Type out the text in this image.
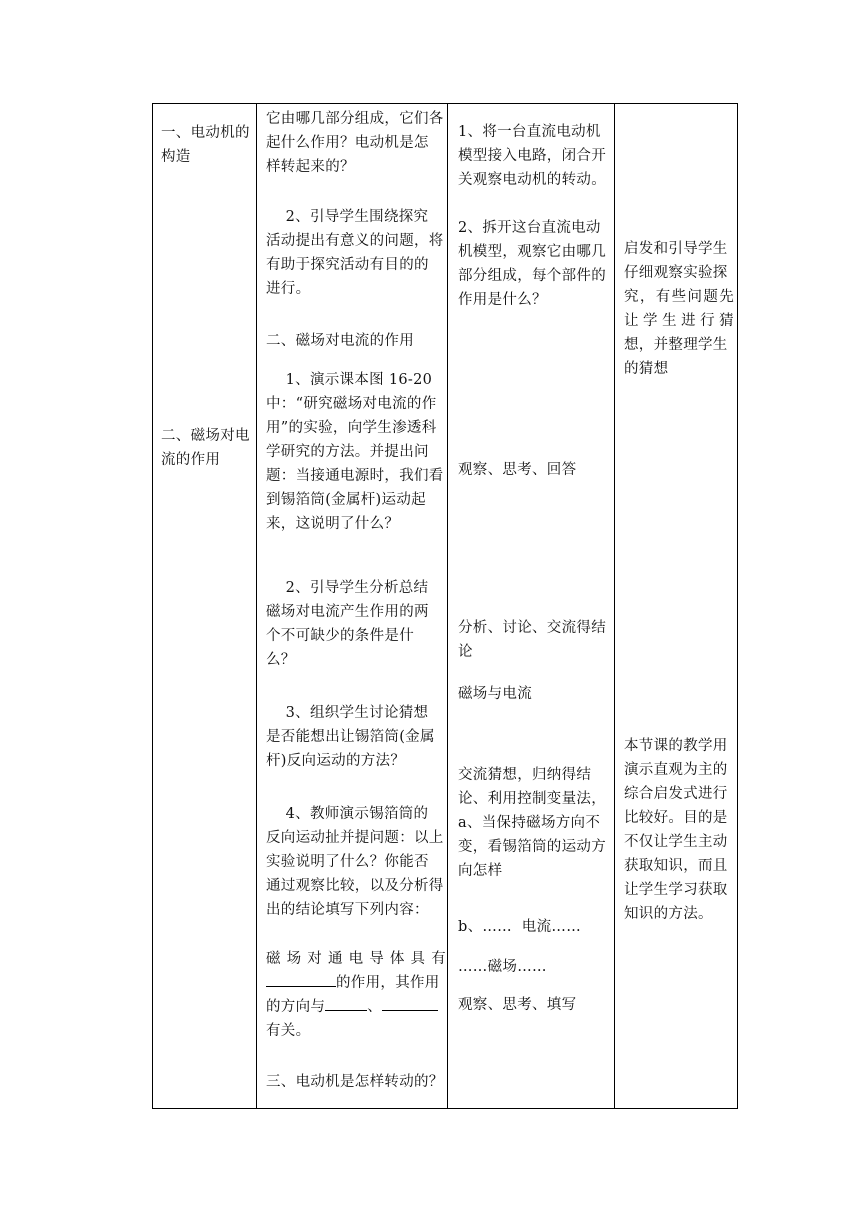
一、电动机的

构造

二、磁场对电

流的作用

它由哪几部分组成，它们各

起什么作用？电动机是怎

样转起来的？

2、引导学生围绕探究

活动提出有意义的问题，将

有助于探究活动有目的的

进行。

二、磁场对电流的作用

1、演示课本图 16-20

中：“研究磁场对电流的作

用”的实验，向学生渗透科

学研究的方法。并提出问

题：当接通电源时，我们看

到锡箔筒(金属杆)运动起

来，这说明了什么？

2、引导学生分析总结

磁场对电流产生作用的两

个不可缺少的条件是什

么？

3、组织学生讨论猜想

是否能想出让锡箔筒(金属

杆)反向运动的方法？

4、教师演示锡箔筒的

反向运动扯并提问题：以上

实验说明了什么？你能否

通过观察比较，以及分析得

出的结论填写下列内容：

磁场对通电导体具有

的作用，其作用

的方向与	、

有关。

三、电动机是怎样转动的？

1、将一台直流电动机

模型接入电路，闭合开

关观察电动机的转动。

2、拆开这台直流电动

机模型，观察它由哪几

部分组成，每个部件的

作用是什么？

观察、思考、回答

分析、讨论、交流得结

论

磁场与电流

交流猜想，归纳得结

论、利用控制变量法，

a、当保持磁场方向不

变，看锡箔筒的运动方

向怎样

b、……  电流……

……磁场……

观察、思考、填写

启发和引导学生

仔细观察实验探

究，有些问题先

让学生进行猜

想，并整理学生

的猜想

本节课的教学用

演示直观为主的

综合启发式进行

比较好。目的是

不仅让学生主动

获取知识，而且

让学生学习获取

知识的方法。
